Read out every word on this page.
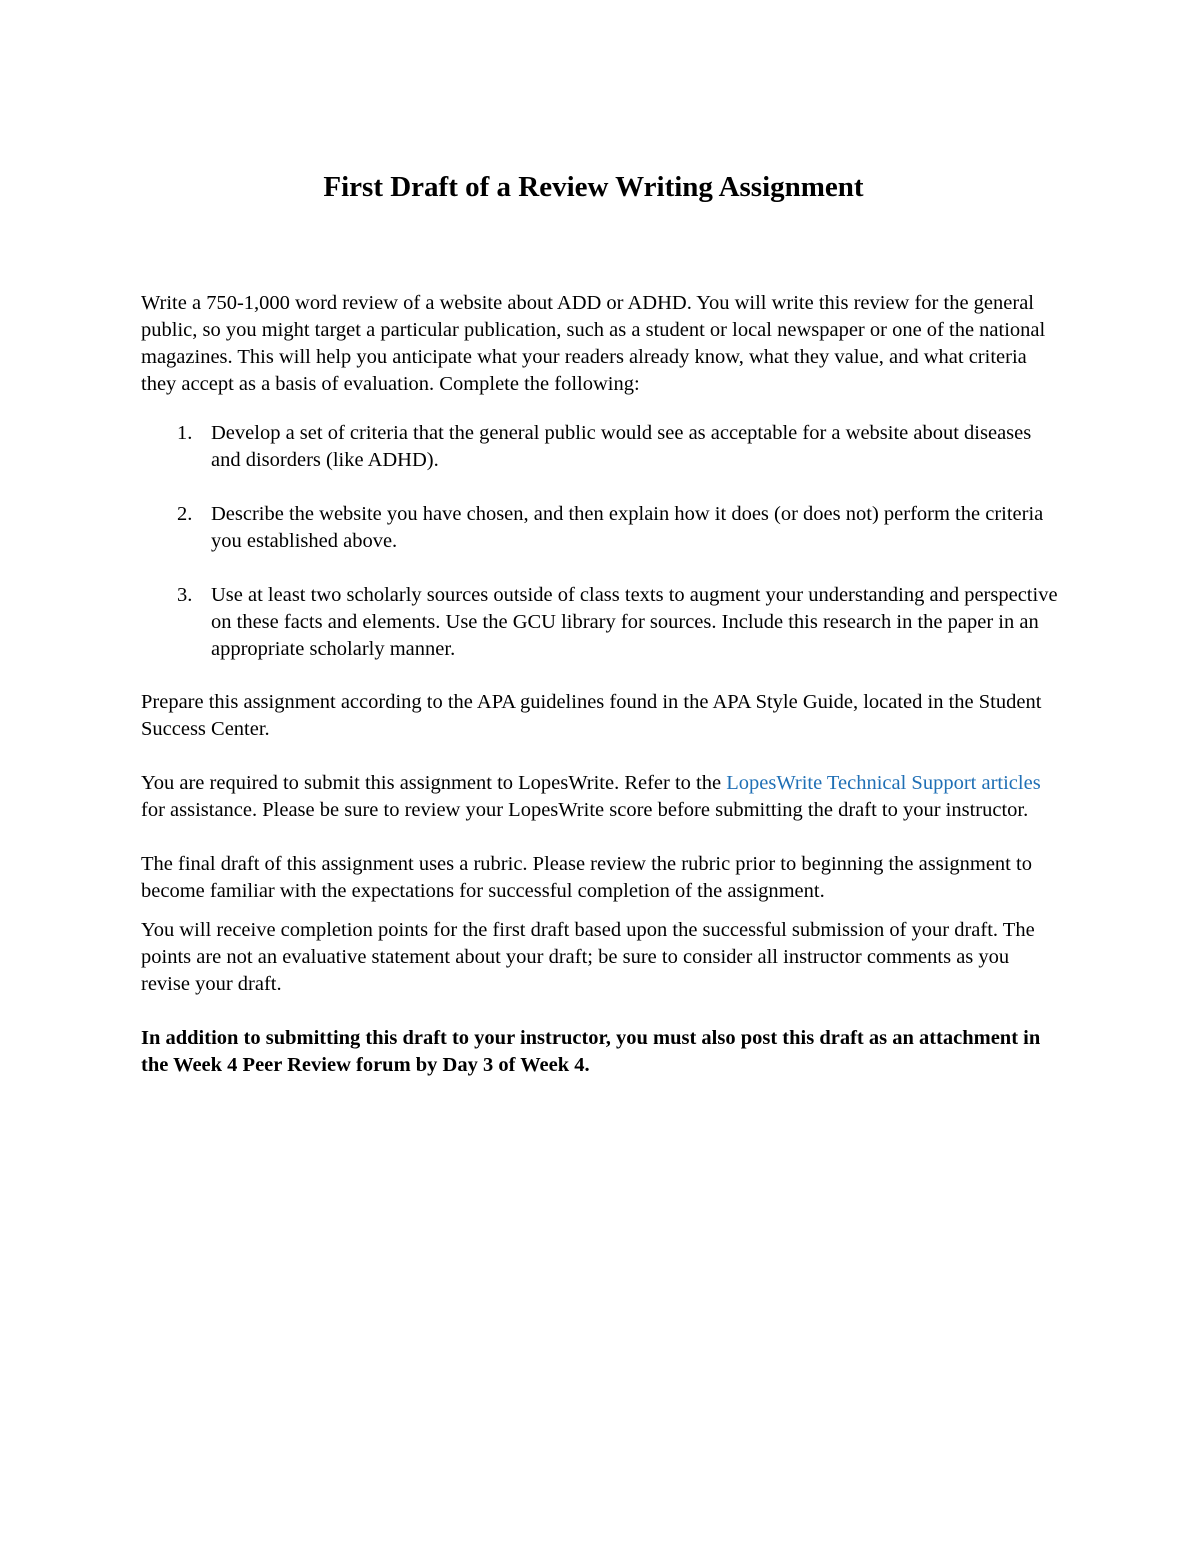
First Draft of a Review Writing Assignment

Write a 750-1,000 word review of a website about ADD or ADHD. You will write this review for the general public, so you might target a particular publication, such as a student or local newspaper or one of the national magazines. This will help you anticipate what your readers already know, what they value, and what criteria they accept as a basis of evaluation. Complete the following:

1. Develop a set of criteria that the general public would see as acceptable for a website about diseases and disorders (like ADHD).
2. Describe the website you have chosen, and then explain how it does (or does not) perform the criteria you established above.
3. Use at least two scholarly sources outside of class texts to augment your understanding and perspective on these facts and elements. Use the GCU library for sources. Include this research in the paper in an appropriate scholarly manner.

Prepare this assignment according to the APA guidelines found in the APA Style Guide, located in the Student Success Center.

You are required to submit this assignment to LopesWrite. Refer to the LopesWrite Technical Support articles for assistance. Please be sure to review your LopesWrite score before submitting the draft to your instructor.

The final draft of this assignment uses a rubric. Please review the rubric prior to beginning the assignment to become familiar with the expectations for successful completion of the assignment.

You will receive completion points for the first draft based upon the successful submission of your draft. The points are not an evaluative statement about your draft; be sure to consider all instructor comments as you revise your draft.

In addition to submitting this draft to your instructor, you must also post this draft as an attachment in the Week 4 Peer Review forum by Day 3 of Week 4.
